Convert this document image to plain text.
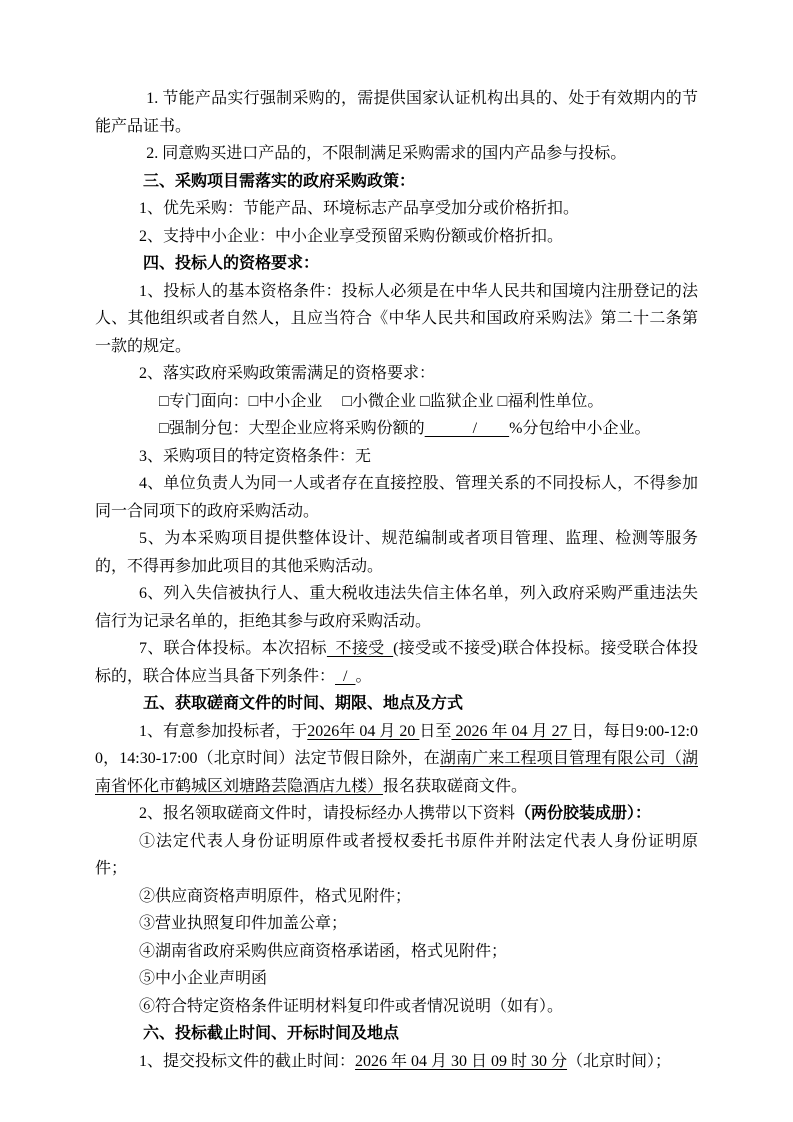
1. 节能产品实行强制采购的，需提供国家认证机构出具的、处于有效期内的节能产品证书。

2. 同意购买进口产品的，不限制满足采购需求的国内产品参与投标。

三、采购项目需落实的政府采购政策：

1、优先采购：节能产品、环境标志产品享受加分或价格折扣。

2、支持中小企业：中小企业享受预留采购份额或价格折扣。

四、投标人的资格要求：

1、投标人的基本资格条件：投标人必须是在中华人民共和国境内注册登记的法人、其他组织或者自然人，且应当符合《中华人民共和国政府采购法》第二十二条第一款的规定。

2、落实政府采购政策需满足的资格要求：

□专门面向：□中小企业　 □小微企业 □监狱企业 □福利性单位。

□强制分包：大型企业应将采购份额的　　　/　　%分包给中小企业。

3、采购项目的特定资格条件：无

4、单位负责人为同一人或者存在直接控股、管理关系的不同投标人，不得参加同一合同项下的政府采购活动。

5、为本采购项目提供整体设计、规范编制或者项目管理、监理、检测等服务的，不得再参加此项目的其他采购活动。

6、列入失信被执行人、重大税收违法失信主体名单，列入政府采购严重违法失信行为记录名单的，拒绝其参与政府采购活动。

7、联合体投标。本次招标  不接受  (接受或不接受)联合体投标。接受联合体投标的，联合体应当具备下列条件：  /  。

五、获取磋商文件的时间、期限、地点及方式

1、有意参加投标者，于2026年 04 月 20 日至 2026 年 04 月 27 日，每日9:00-12:00，14:30-17:00（北京时间）法定节假日除外，在湖南广来工程项目管理有限公司（湖南省怀化市鹤城区刘塘路芸隐酒店九楼）报名获取磋商文件。

2、报名领取磋商文件时，请投标经办人携带以下资料（两份胶装成册）：

①法定代表人身份证明原件或者授权委托书原件并附法定代表人身份证明原件；

②供应商资格声明原件，格式见附件；

③营业执照复印件加盖公章；

④湖南省政府采购供应商资格承诺函，格式见附件；

⑤中小企业声明函

⑥符合特定资格条件证明材料复印件或者情况说明（如有）。

六、投标截止时间、开标时间及地点

1、提交投标文件的截止时间：2026 年 04 月 30 日 09 时 30 分（北京时间）；
